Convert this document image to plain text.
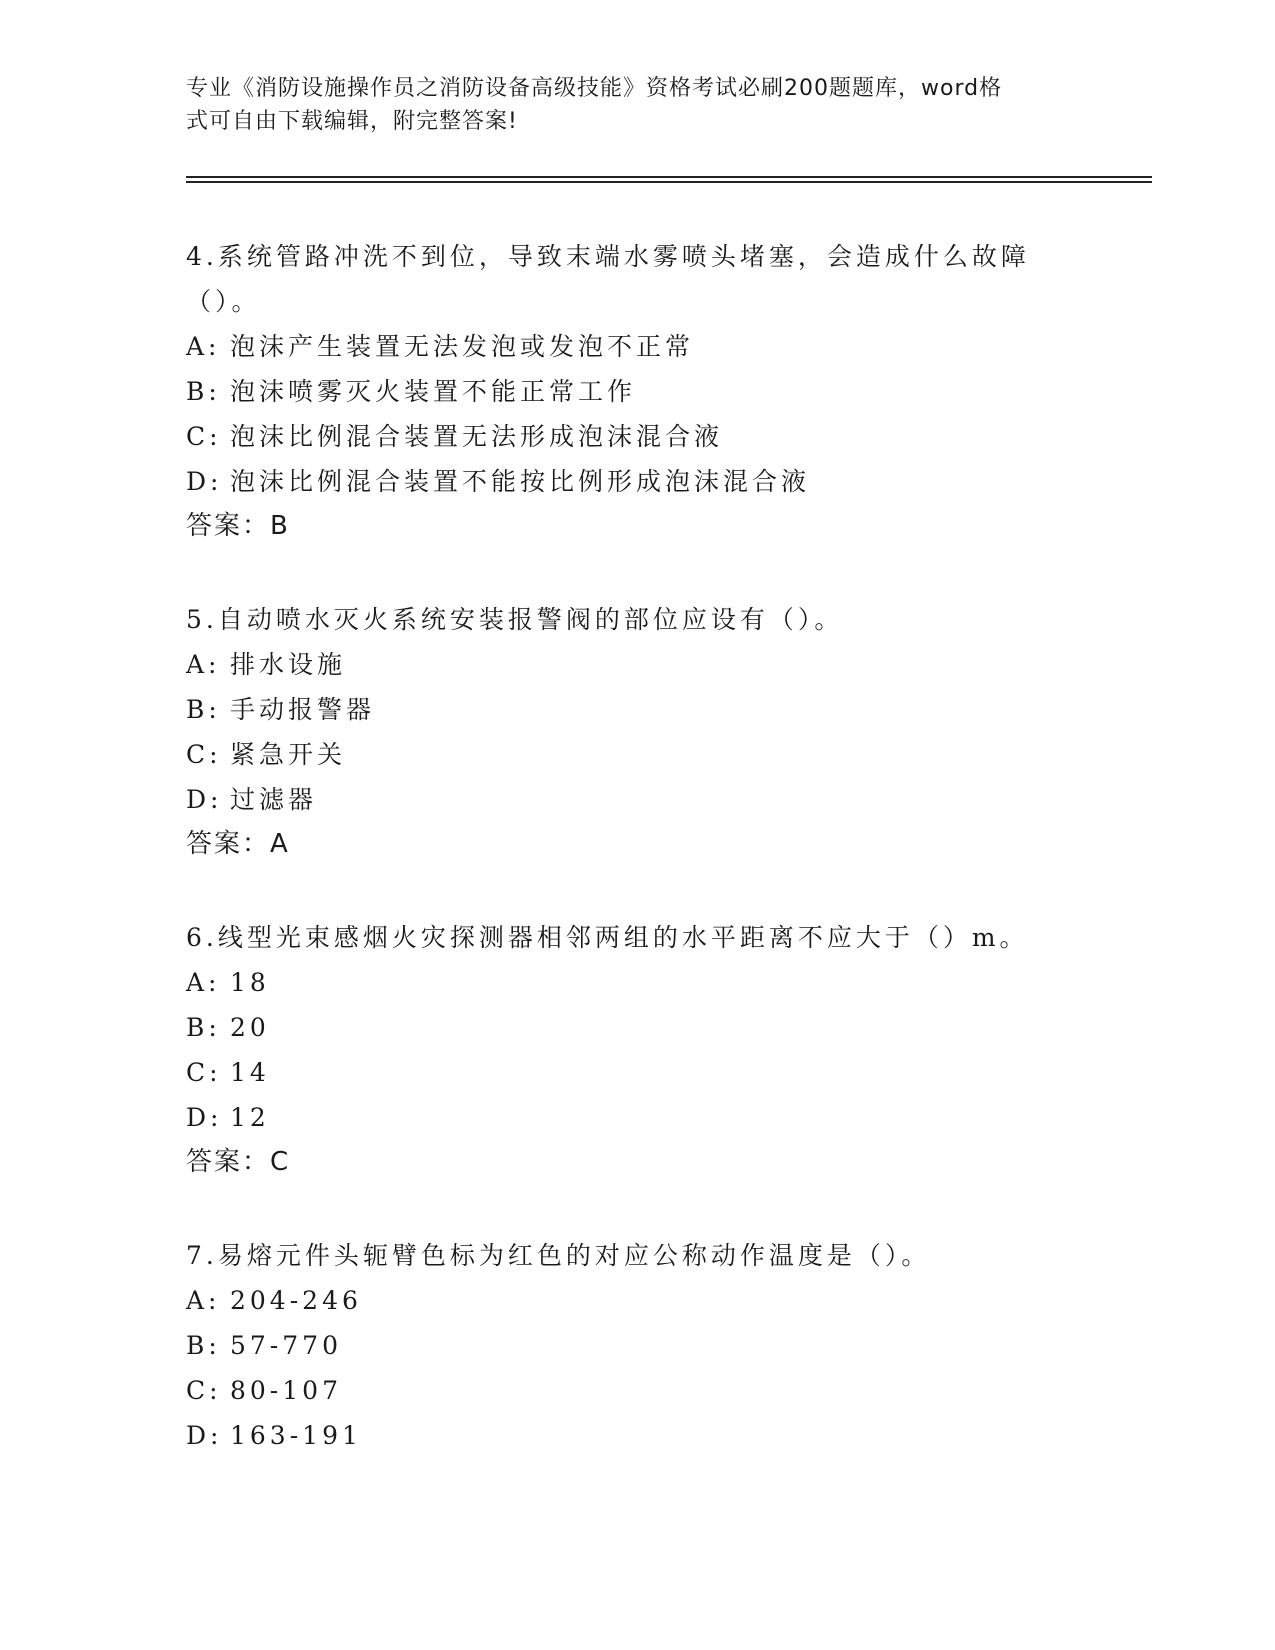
专业《消防设施操作员之消防设备高级技能》资格考试必刷200题题库，word格
式可自由下载编辑，附完整答案!

4.系统管路冲洗不到位，导致末端水雾喷头堵塞，会造成什么故障（）。

A: 泡沫产生装置无法发泡或发泡不正常

B: 泡沫喷雾灭火装置不能正常工作

C: 泡沫比例混合装置无法形成泡沫混合液

D: 泡沫比例混合装置不能按比例形成泡沫混合液

答案：B

5.自动喷水灭火系统安装报警阀的部位应设有（）。

A: 排水设施

B: 手动报警器

C: 紧急开关

D: 过滤器

答案：A

6.线型光束感烟火灾探测器相邻两组的水平距离不应大于（）m。

A: 18

B: 20

C: 14

D: 12

答案：C

7.易熔元件头轭臂色标为红色的对应公称动作温度是（）。

A: 204-246

B: 57-770

C: 80-107

D: 163-191
